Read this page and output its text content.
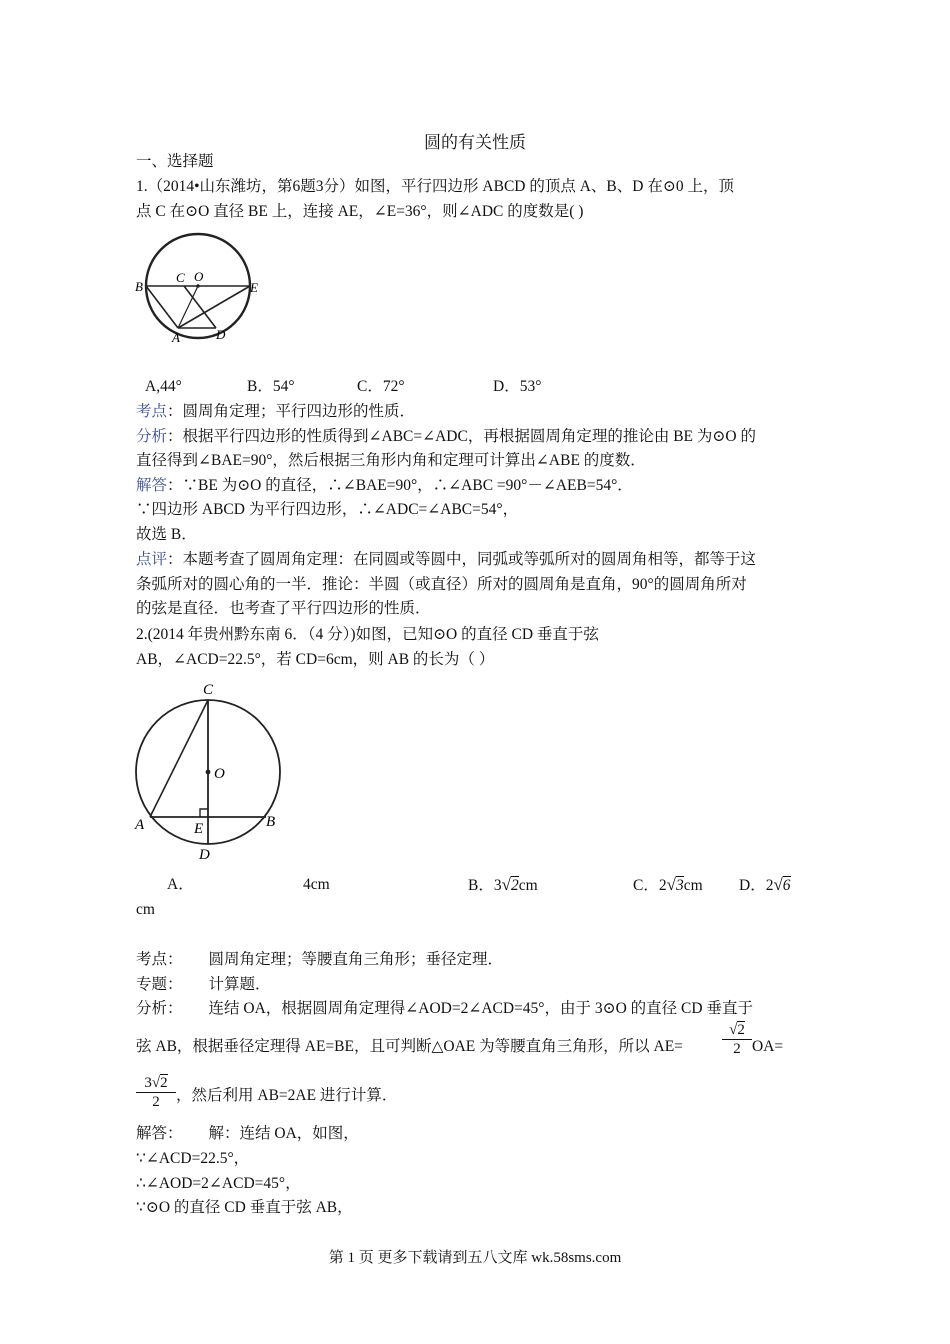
圆的有关性质
一、选择题
1.（2014•山东潍坊，第6题3分）如图，平行四边形 ABCD 的顶点 A、B、D 在⊙0 上，顶
点 C 在⊙O 直径 BE 上，连接 AE，∠E=36°，则∠ADC 的度数是( )
B
C O
E
A	D
A,44°	B．54°	C．72°	D．53°
考点：圆周角定理；平行四边形的性质．
分析：根据平行四边形的性质得到∠ABC=∠ADC，再根据圆周角定理的推论由 BE 为⊙O 的
直径得到∠BAE=90°，然后根据三角形内角和定理可计算出∠ABE 的度数．
解答：∵BE 为⊙O 的直径，∴∠BAE=90°，∴∠ABC =90°－∠AEB=54°．
∵四边形 ABCD 为平行四边形，∴∠ADC=∠ABC=54°，
故选 B．
点评：本题考查了圆周角定理：在同圆或等圆中，同弧或等弧所对的圆周角相等，都等于这
条弧所对的圆心角的一半．推论：半圆（或直径）所对的圆周角是直角，90°的圆周角所对
的弦是直径．也考查了平行四边形的性质．
2.(2014 年贵州黔东南 6．（4 分）)如图，已知⊙O 的直径 CD 垂直于弦
AB，∠ACD=22.5°，若 CD=6cm，则 AB 的长为（ ）
C
O
A	E	B
D
A．	4cm	B．3√2cm	C．2√3cm D．2√6
cm
考点： 圆周角定理；等腰直角三角形；垂径定理．
专题： 计算题．
分析： 连结 OA，根据圆周角定理得∠AOD=2∠ACD=45°，由于 3⊙O 的直径 CD 垂直于
弦 AB，根据垂径定理得 AE=BE，且可判断△OAE 为等腰直角三角形，所以 AE=	$\frac{√2}{2} OA=$
$\frac{3√2}{2}$ ，然后利用 AB=2AE 进行计算．
解答： 解：连结 OA，如图，
∵∠ACD=22.5°，
∴∠AOD=2∠ACD=45°，
∵⊙O 的直径 CD 垂直于弦 AB，
第 1 页 更多下载请到五八文库 wk.58sms.com
